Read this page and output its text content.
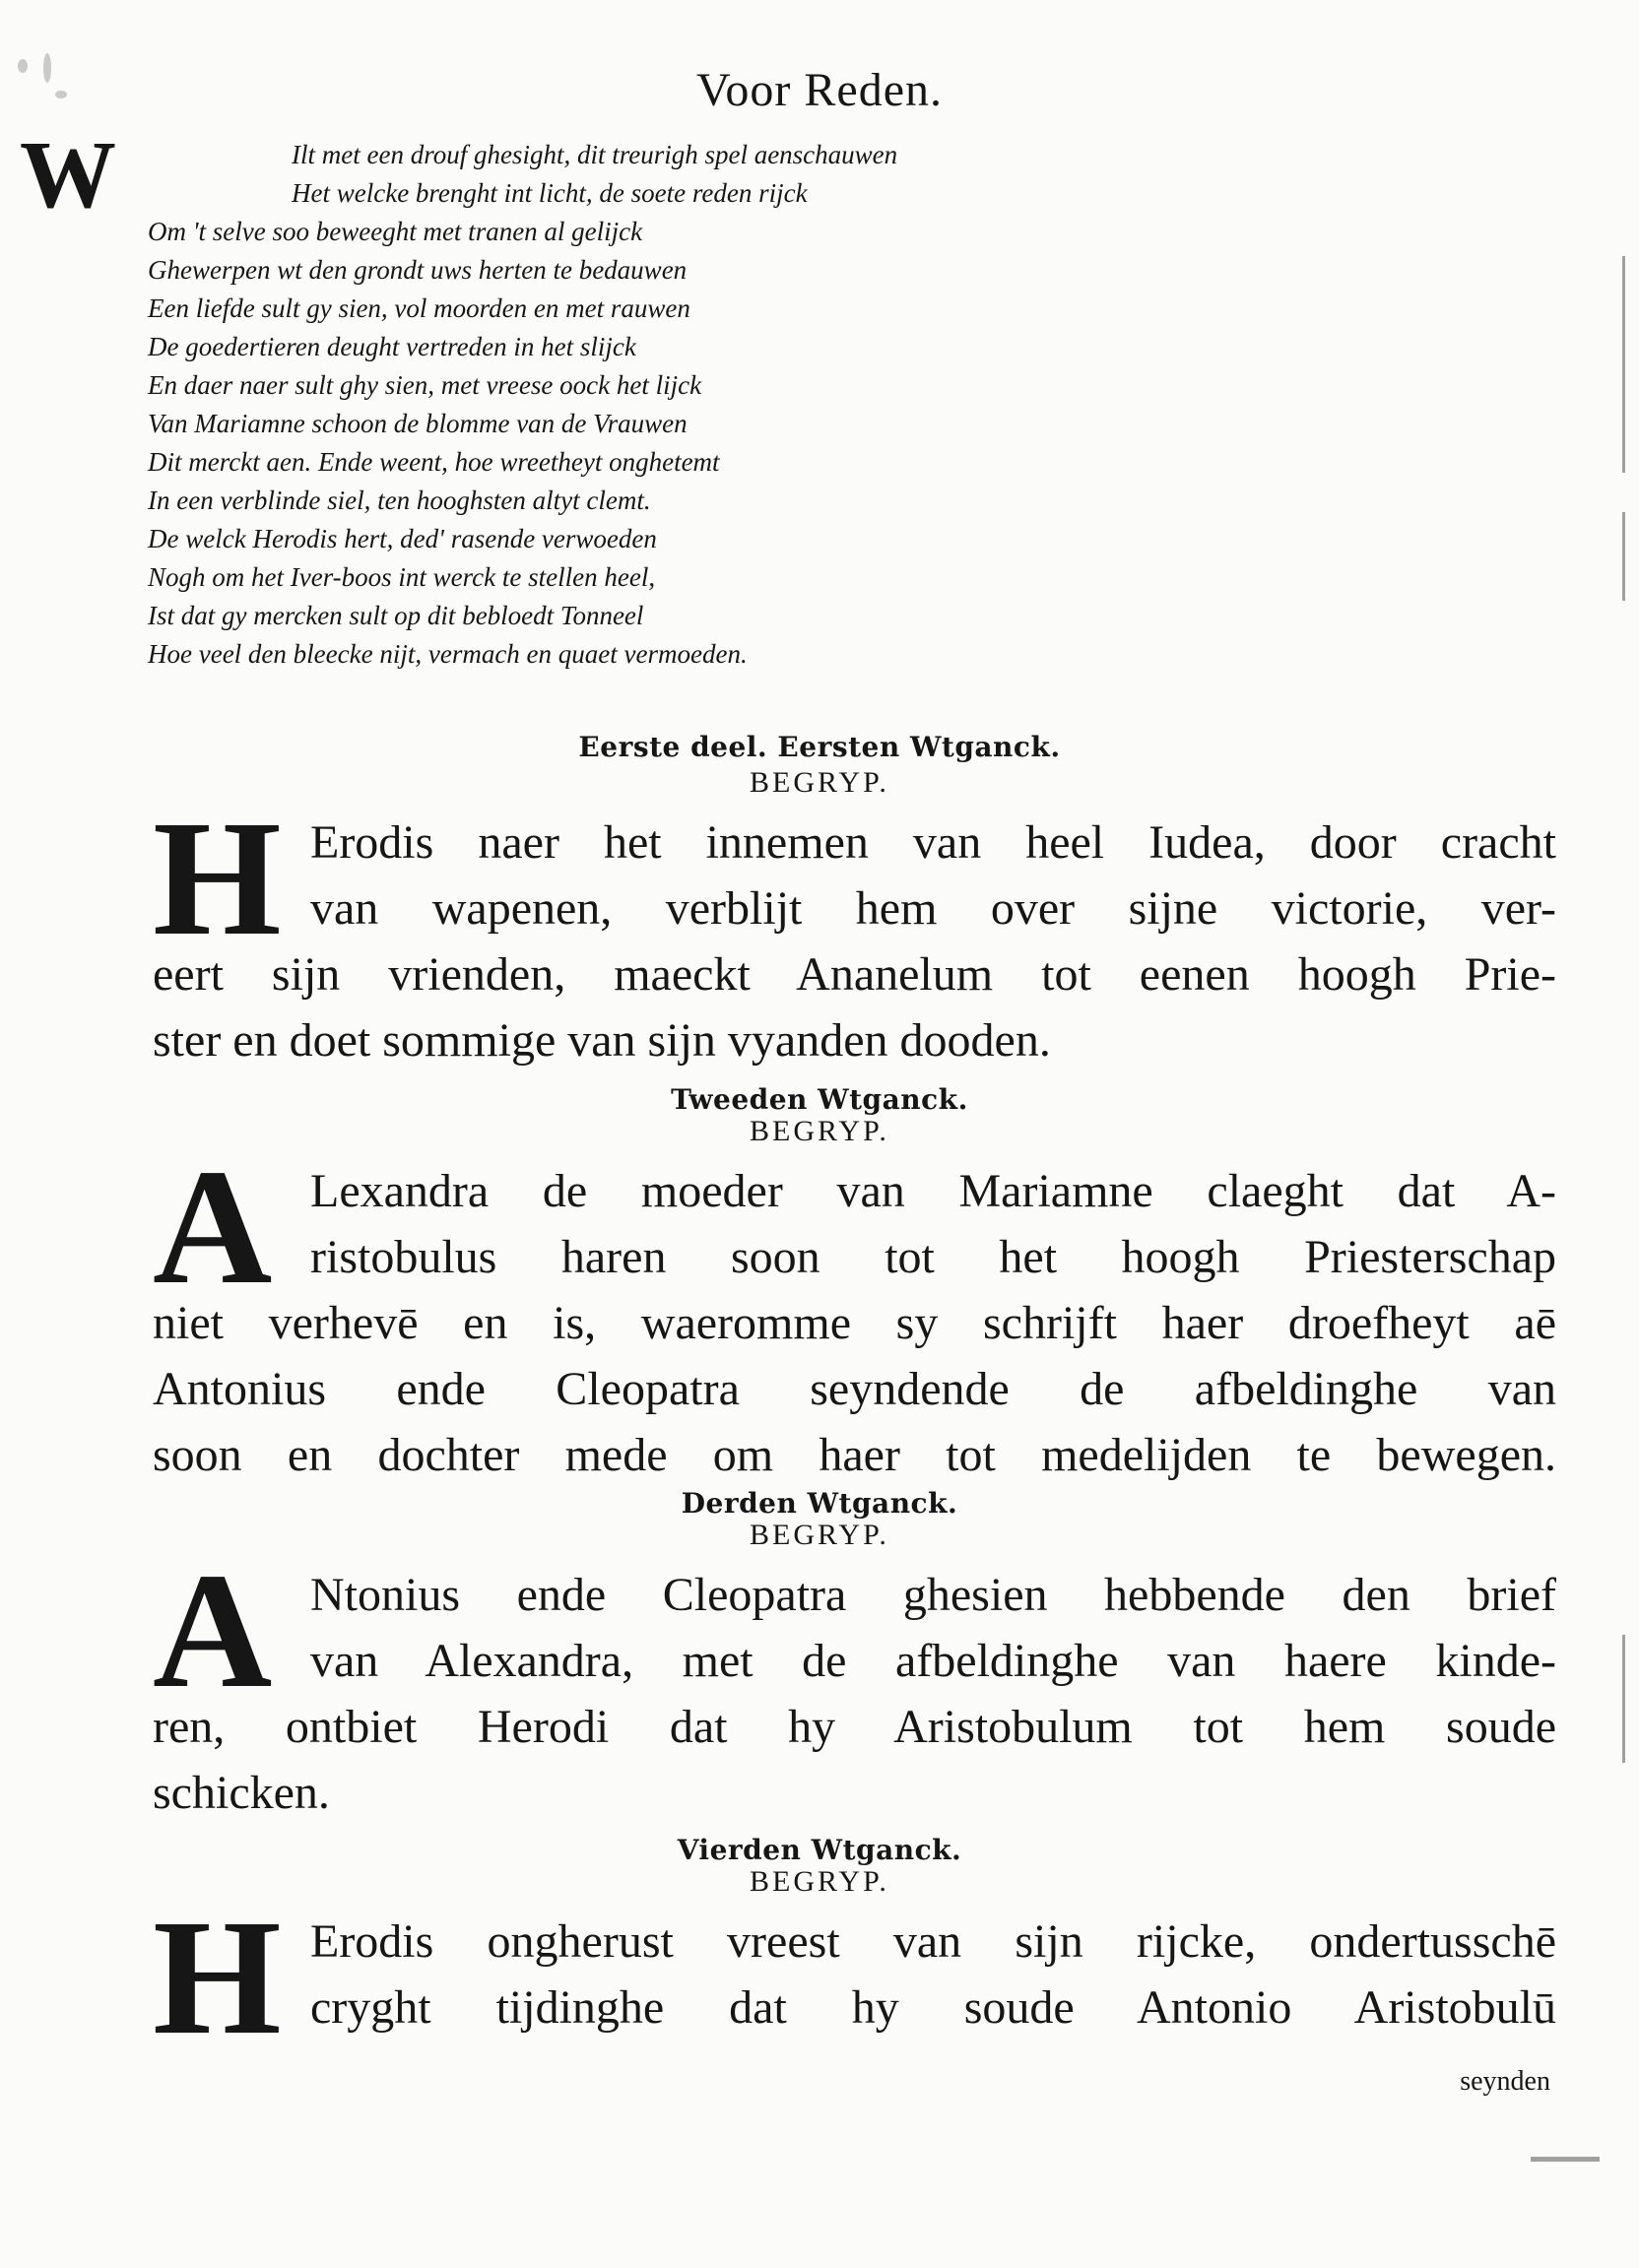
Voor Reden.
W	Ilt met een drouf ghesight, dit treurigh spel aenschauwen
Het welcke brenght int licht, de soete reden rijck
Om 't selve soo beweeght met tranen al gelijck
Ghewerpen wt den grondt uws herten te bedauwen
Een liefde sult gy sien, vol moorden en met rauwen
De goedertieren deught vertreden in het slijck
En daer naer sult ghy sien, met vreese oock het lijck
Van Mariamne schoon de blomme van de Vrauwen
Dit merckt aen. Ende weent, hoe wreetheyt onghetemt
In een verblinde siel, ten hooghsten altyt clemt.
De welck Herodis hert, ded' rasende verwoeden
Nogh om het Iver-boos int werck te stellen heel,
Ist dat gy mercken sult op dit bebloedt Tonneel
Hoe veel den bleecke nijt, vermach en quaet vermoeden.
Eerste deel. Eersten Wtganck.
BEGRYP.
H Erodis naer het innemen van heel Iudea, door cracht
van wapenen, verblijt hem over sijne victorie, ver-
eert sijn vrienden, maeckt Ananelum tot eenen hoogh Prie-
ster en doet sommige van sijn vyanden dooden.
Tweeden Wtganck.
BEGRYP.
A Lexandra de moeder van Mariamne claeght dat A-
ristobulus haren soon tot het hoogh Priesterschap
niet verhevē en is, waeromme sy schrijft haer droefheyt aē
Antonius ende Cleopatra seyndende de afbeldinghe van
soon en dochter mede om haer tot medelijden te bewegen.
Derden Wtganck.
BEGRYP.
A Ntonius ende Cleopatra ghesien hebbende den brief
van Alexandra, met de afbeldinghe van haere kinde-
ren, ontbiet Herodi dat hy Aristobulum tot hem soude
schicken.
Vierden Wtganck.
BEGRYP.
H Erodis ongherust vreest van sijn rijcke, ondertusschē
cryght tijdinghe dat hy soude Antonio Aristobulū
seynden
